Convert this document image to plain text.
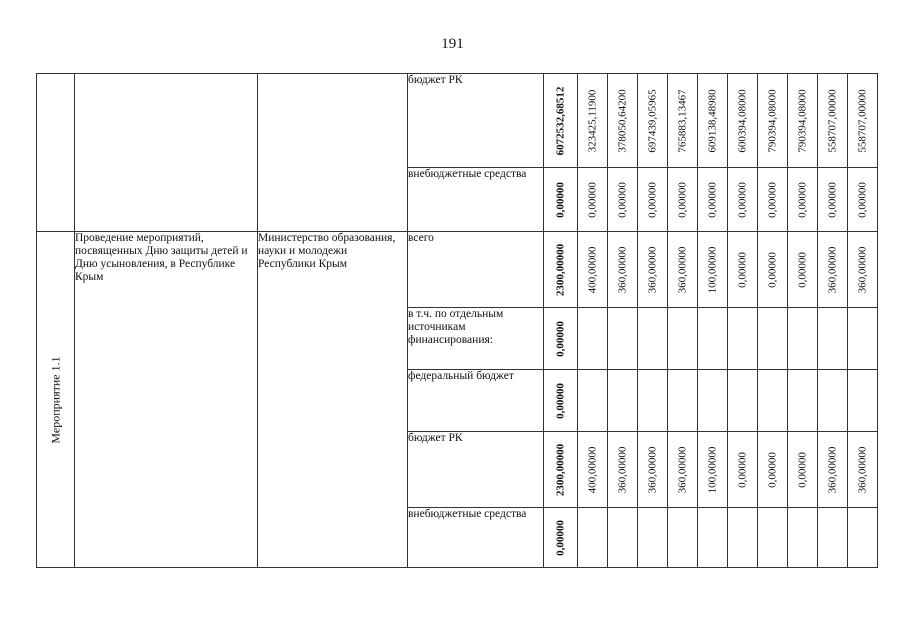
191
			бюджет РК	6072532,68512	323425,11900	378050,64200	697439,05965	765883,13467	609138,48980	600394,08000	790394,08000	790394,08000	558707,00000	558707,00000

			внебюджетные средства	0,00000	0,00000	0,00000	0,00000	0,00000	0,00000	0,00000	0,00000	0,00000	0,00000	0,00000

Мероприятие 1.1	Проведение мероприятий, посвященных Дню защиты детей и Дню усыновления, в Республике Крым	Министерство образования, науки и молодежи Республики Крым	всего	2300,00000	400,00000	360,00000	360,00000	360,00000	100,00000	0,00000	0,00000	0,00000	360,00000	360,00000

			в т.ч. по отдельным источникам финансирования:	0,00000										

			федеральный бюджет	0,00000										

			бюджет РК	2300,00000	400,00000	360,00000	360,00000	360,00000	100,00000	0,00000	0,00000	0,00000	360,00000	360,00000

			внебюджетные средства	0,00000										
